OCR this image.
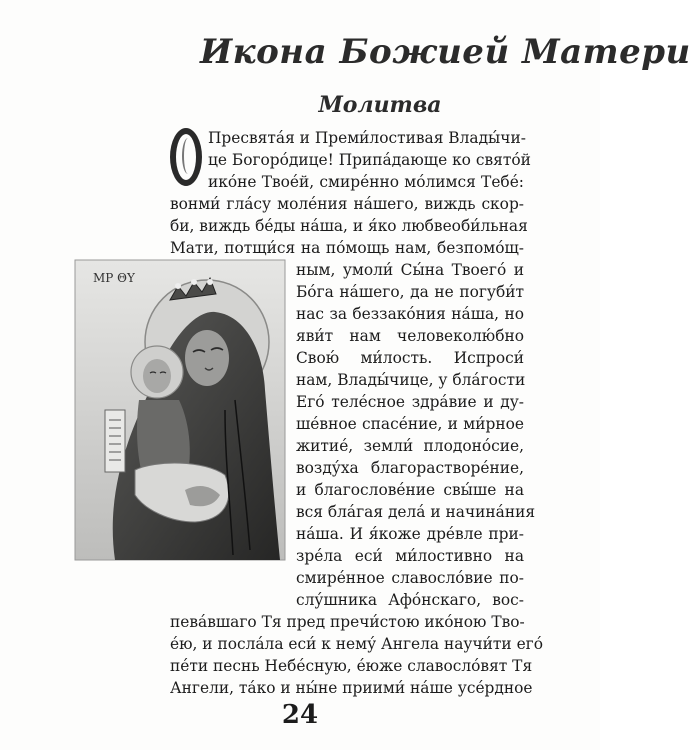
Икона Божией Матери
Молитва
Пресвята́я и Преми́лостивая Влады́чи-
це Богоро́дице! Припа́дающе ко свято́й
ико́не Твое́й, смире́нно мо́лимся Тебе́:
вонми́ гла́су моле́ния на́шего, виждь скор-
би, виждь бе́ды на́ша, и я́ко любвеоби́льная
Мати, потщи́ся на по́мощь нам, безпомо́щ-
ным, умоли́ Сы́на Твоего́ и
Бо́га на́шего, да не погуби́т
нас за беззако́ния на́ша, но
яви́т нам человеколю́бно
Свою́ ми́лость. Испроси́
нам, Влады́чице, у бла́гости
Его́ теле́сное здра́вие и ду-
ше́вное спасе́ние, и ми́рное
житие́, земли́ плодоно́сие,
возду́ха благорастворе́ние,
и благослове́ние свы́ше на
вся бла́гая дела́ и начина́ния
на́ша. И я́коже дре́вле при-
зре́ла еси́ ми́лостивно на
смире́нное славосло́вие по-
слу́шника Афо́нскаго, вос-
пева́вшаго Тя пред пречи́стою ико́ною Тво-
е́ю, и посла́ла еси́ к нему́ Ангела научи́ти его́
пе́ти песнь Небе́сную, е́юже славосло́вят Тя
Ангели, та́ко и ны́не приими́ на́ше усе́рдное
МР ΘΥ
24
